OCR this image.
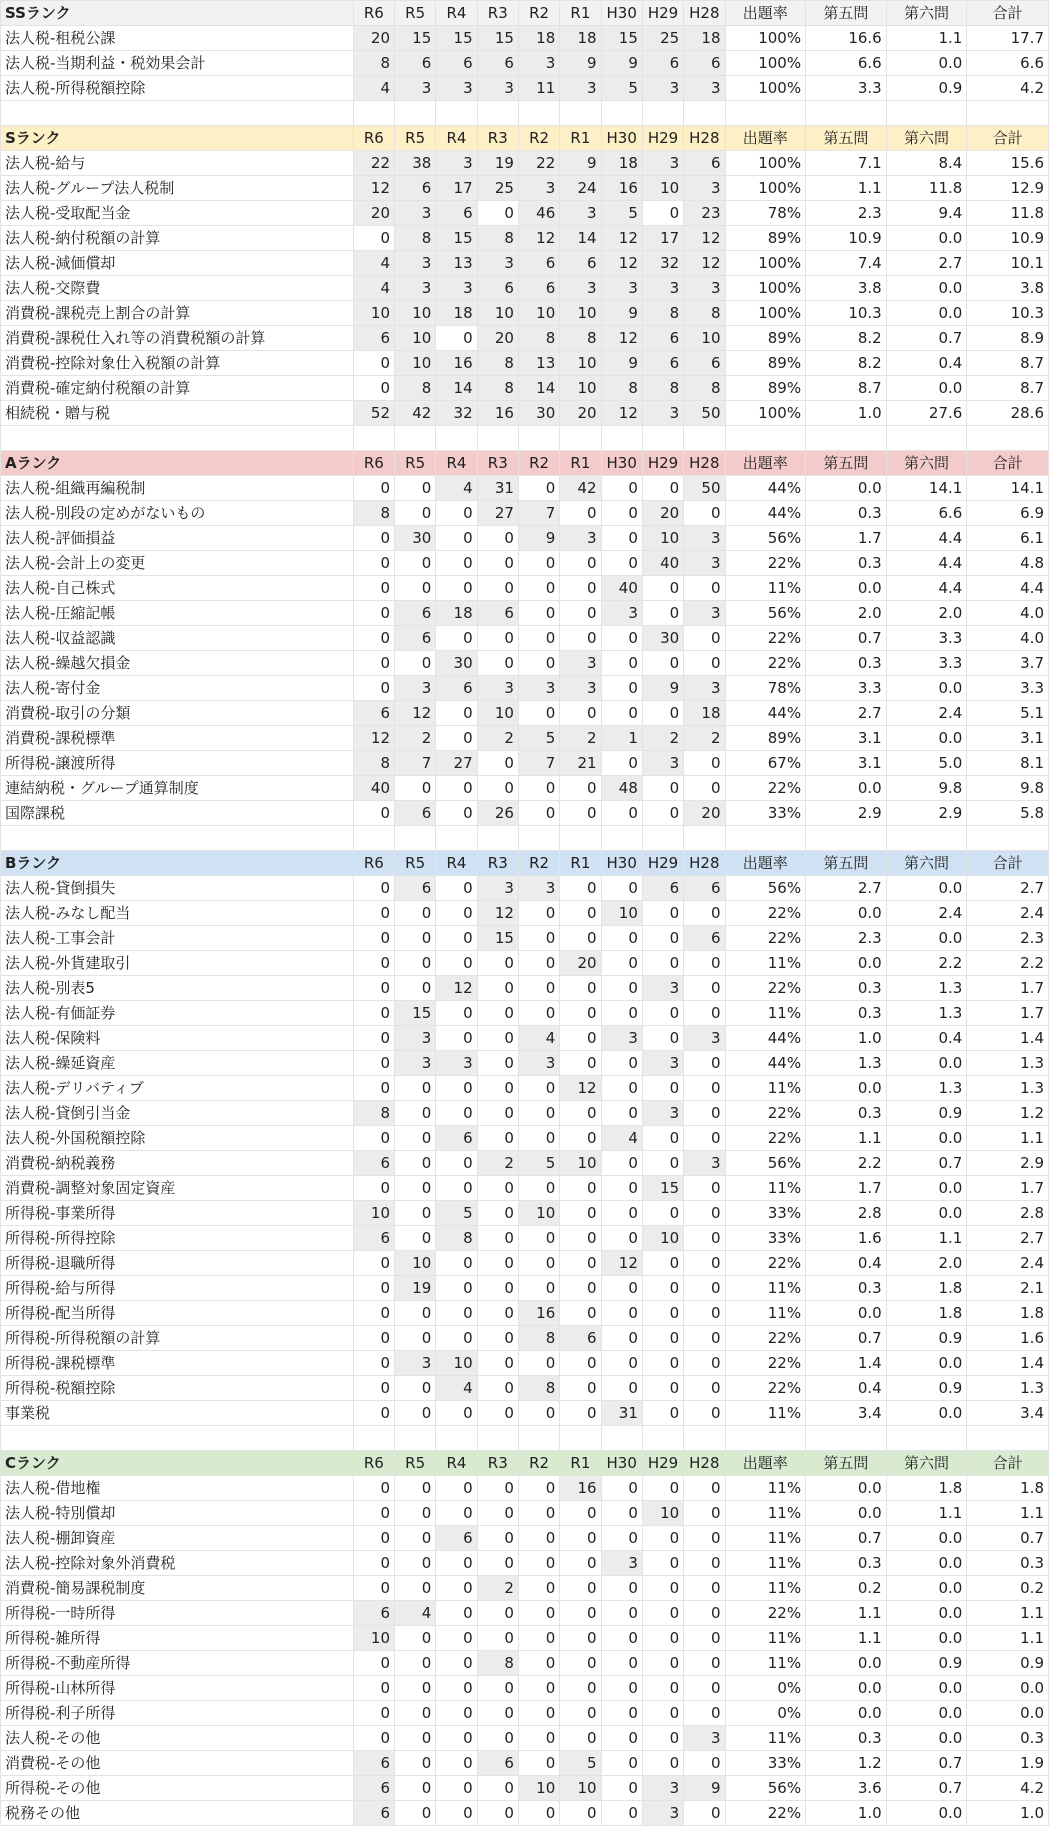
SSランク	R6	R5	R4	R3	R2	R1	H30	H29	H28	出題率	第五問	第六問	合計
法人税-租税公課	20	15	15	15	18	18	15	25	18	100%	16.6	1.1	17.7
法人税-当期利益・税効果会計	8	6	6	6	3	9	9	6	6	100%	6.6	0.0	6.6
法人税-所得税額控除	4	3	3	3	11	3	5	3	3	100%	3.3	0.9	4.2

Sランク	R6	R5	R4	R3	R2	R1	H30	H29	H28	出題率	第五問	第六問	合計
法人税-給与	22	38	3	19	22	9	18	3	6	100%	7.1	8.4	15.6
法人税-グループ法人税制	12	6	17	25	3	24	16	10	3	100%	1.1	11.8	12.9
法人税-受取配当金	20	3	6	0	46	3	5	0	23	78%	2.3	9.4	11.8
法人税-納付税額の計算	0	8	15	8	12	14	12	17	12	89%	10.9	0.0	10.9
法人税-減価償却	4	3	13	3	6	6	12	32	12	100%	7.4	2.7	10.1
法人税-交際費	4	3	3	6	6	3	3	3	3	100%	3.8	0.0	3.8
消費税-課税売上割合の計算	10	10	18	10	10	10	9	8	8	100%	10.3	0.0	10.3
消費税-課税仕入れ等の消費税額の計算	6	10	0	20	8	8	12	6	10	89%	8.2	0.7	8.9
消費税-控除対象仕入税額の計算	0	10	16	8	13	10	9	6	6	89%	8.2	0.4	8.7
消費税-確定納付税額の計算	0	8	14	8	14	10	8	8	8	89%	8.7	0.0	8.7
相続税・贈与税	52	42	32	16	30	20	12	3	50	100%	1.0	27.6	28.6

Aランク	R6	R5	R4	R3	R2	R1	H30	H29	H28	出題率	第五問	第六問	合計
法人税-組織再編税制	0	0	4	31	0	42	0	0	50	44%	0.0	14.1	14.1
法人税-別段の定めがないもの	8	0	0	27	7	0	0	20	0	44%	0.3	6.6	6.9
法人税-評価損益	0	30	0	0	9	3	0	10	3	56%	1.7	4.4	6.1
法人税-会計上の変更	0	0	0	0	0	0	0	40	3	22%	0.3	4.4	4.8
法人税-自己株式	0	0	0	0	0	0	40	0	0	11%	0.0	4.4	4.4
法人税-圧縮記帳	0	6	18	6	0	0	3	0	3	56%	2.0	2.0	4.0
法人税-収益認識	0	6	0	0	0	0	0	30	0	22%	0.7	3.3	4.0
法人税-繰越欠損金	0	0	30	0	0	3	0	0	0	22%	0.3	3.3	3.7
法人税-寄付金	0	3	6	3	3	3	0	9	3	78%	3.3	0.0	3.3
消費税-取引の分類	6	12	0	10	0	0	0	0	18	44%	2.7	2.4	5.1
消費税-課税標準	12	2	0	2	5	2	1	2	2	89%	3.1	0.0	3.1
所得税-譲渡所得	8	7	27	0	7	21	0	3	0	67%	3.1	5.0	8.1
連結納税・グループ通算制度	40	0	0	0	0	0	48	0	0	22%	0.0	9.8	9.8
国際課税	0	6	0	26	0	0	0	0	20	33%	2.9	2.9	5.8

Bランク	R6	R5	R4	R3	R2	R1	H30	H29	H28	出題率	第五問	第六問	合計
法人税-貸倒損失	0	6	0	3	3	0	0	6	6	56%	2.7	0.0	2.7
法人税-みなし配当	0	0	0	12	0	0	10	0	0	22%	0.0	2.4	2.4
法人税-工事会計	0	0	0	15	0	0	0	0	6	22%	2.3	0.0	2.3
法人税-外貨建取引	0	0	0	0	0	20	0	0	0	11%	0.0	2.2	2.2
法人税-別表5	0	0	12	0	0	0	0	3	0	22%	0.3	1.3	1.7
法人税-有価証券	0	15	0	0	0	0	0	0	0	11%	0.3	1.3	1.7
法人税-保険料	0	3	0	0	4	0	3	0	3	44%	1.0	0.4	1.4
法人税-繰延資産	0	3	3	0	3	0	0	3	0	44%	1.3	0.0	1.3
法人税-デリバティブ	0	0	0	0	0	12	0	0	0	11%	0.0	1.3	1.3
法人税-貸倒引当金	8	0	0	0	0	0	0	3	0	22%	0.3	0.9	1.2
法人税-外国税額控除	0	0	6	0	0	0	4	0	0	22%	1.1	0.0	1.1
消費税-納税義務	6	0	0	2	5	10	0	0	3	56%	2.2	0.7	2.9
消費税-調整対象固定資産	0	0	0	0	0	0	0	15	0	11%	1.7	0.0	1.7
所得税-事業所得	10	0	5	0	10	0	0	0	0	33%	2.8	0.0	2.8
所得税-所得控除	6	0	8	0	0	0	0	10	0	33%	1.6	1.1	2.7
所得税-退職所得	0	10	0	0	0	0	12	0	0	22%	0.4	2.0	2.4
所得税-給与所得	0	19	0	0	0	0	0	0	0	11%	0.3	1.8	2.1
所得税-配当所得	0	0	0	0	16	0	0	0	0	11%	0.0	1.8	1.8
所得税-所得税額の計算	0	0	0	0	8	6	0	0	0	22%	0.7	0.9	1.6
所得税-課税標準	0	3	10	0	0	0	0	0	0	22%	1.4	0.0	1.4
所得税-税額控除	0	0	4	0	8	0	0	0	0	22%	0.4	0.9	1.3
事業税	0	0	0	0	0	0	31	0	0	11%	3.4	0.0	3.4

Cランク	R6	R5	R4	R3	R2	R1	H30	H29	H28	出題率	第五問	第六問	合計
法人税-借地権	0	0	0	0	0	16	0	0	0	11%	0.0	1.8	1.8
法人税-特別償却	0	0	0	0	0	0	0	10	0	11%	0.0	1.1	1.1
法人税-棚卸資産	0	0	6	0	0	0	0	0	0	11%	0.7	0.0	0.7
法人税-控除対象外消費税	0	0	0	0	0	0	3	0	0	11%	0.3	0.0	0.3
消費税-簡易課税制度	0	0	0	2	0	0	0	0	0	11%	0.2	0.0	0.2
所得税-一時所得	6	4	0	0	0	0	0	0	0	22%	1.1	0.0	1.1
所得税-雑所得	10	0	0	0	0	0	0	0	0	11%	1.1	0.0	1.1
所得税-不動産所得	0	0	0	8	0	0	0	0	0	11%	0.0	0.9	0.9
所得税-山林所得	0	0	0	0	0	0	0	0	0	0%	0.0	0.0	0.0
所得税-利子所得	0	0	0	0	0	0	0	0	0	0%	0.0	0.0	0.0
法人税-その他	0	0	0	0	0	0	0	0	3	11%	0.3	0.0	0.3
消費税-その他	6	0	0	6	0	5	0	0	0	33%	1.2	0.7	1.9
所得税-その他	6	0	0	0	10	10	0	3	9	56%	3.6	0.7	4.2
税務その他	6	0	0	0	0	0	0	3	0	22%	1.0	0.0	1.0
